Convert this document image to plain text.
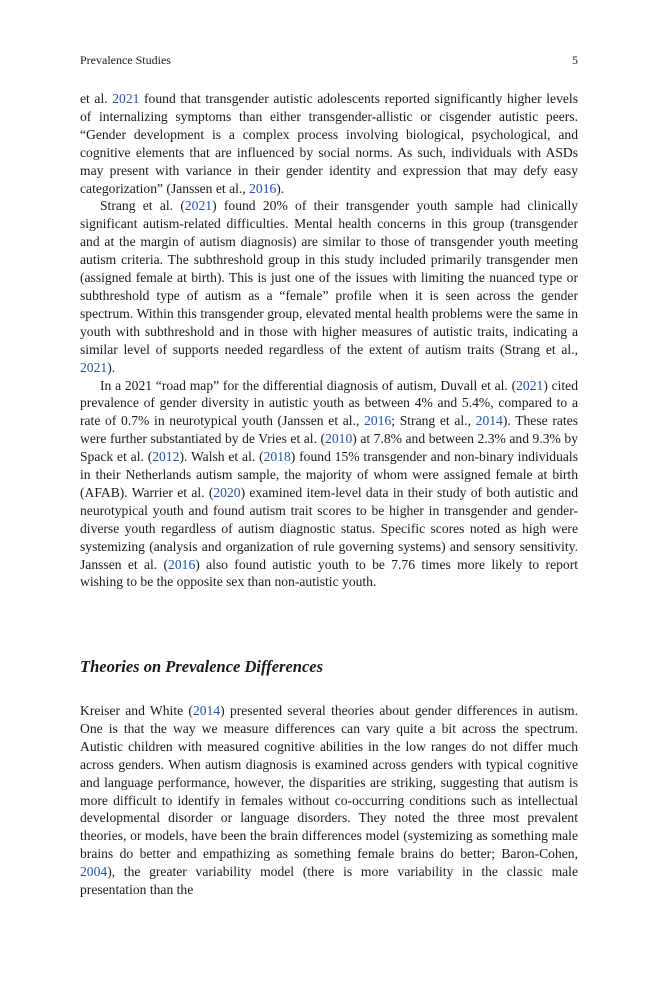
Prevalence Studies	5

et al. 2021 found that transgender autistic adolescents reported significantly higher levels of internalizing symptoms than either transgender-allistic or cisgender autistic peers. “Gender development is a complex process involving biological, psychological, and cognitive elements that are influenced by social norms. As such, individuals with ASDs may present with variance in their gender identity and expression that may defy easy categorization” (Janssen et al., 2016).

Strang et al. (2021) found 20% of their transgender youth sample had clinically significant autism-related difficulties. Mental health concerns in this group (transgender and at the margin of autism diagnosis) are similar to those of transgender youth meeting autism criteria. The subthreshold group in this study included primarily transgender men (assigned female at birth). This is just one of the issues with limiting the nuanced type or subthreshold type of autism as a “female” profile when it is seen across the gender spectrum. Within this transgender group, elevated mental health problems were the same in youth with subthreshold and in those with higher measures of autistic traits, indicating a similar level of supports needed regardless of the extent of autism traits (Strang et al., 2021).

In a 2021 “road map” for the differential diagnosis of autism, Duvall et al. (2021) cited prevalence of gender diversity in autistic youth as between 4% and 5.4%, compared to a rate of 0.7% in neurotypical youth (Janssen et al., 2016; Strang et al., 2014). These rates were further substantiated by de Vries et al. (2010) at 7.8% and between 2.3% and 9.3% by Spack et al. (2012). Walsh et al. (2018) found 15% transgender and non-binary individuals in their Netherlands autism sample, the majority of whom were assigned female at birth (AFAB). Warrier et al. (2020) examined item-level data in their study of both autistic and neurotypical youth and found autism trait scores to be higher in transgender and gender-diverse youth regardless of autism diagnostic status. Specific scores noted as high were systemizing (analysis and organization of rule governing systems) and sensory sensitivity. Janssen et al. (2016) also found autistic youth to be 7.76 times more likely to report wishing to be the opposite sex than non-autistic youth.

Theories on Prevalence Differences

Kreiser and White (2014) presented several theories about gender differences in autism. One is that the way we measure differences can vary quite a bit across the spectrum. Autistic children with measured cognitive abilities in the low ranges do not differ much across genders. When autism diagnosis is examined across genders with typical cognitive and language performance, however, the disparities are striking, suggesting that autism is more difficult to identify in females without co-occurring conditions such as intellectual developmental disorder or language disorders. They noted the three most prevalent theories, or models, have been the brain differences model (systemizing as something male brains do better and empathizing as something female brains do better; Baron-Cohen, 2004), the greater variability model (there is more variability in the classic male presentation than the
